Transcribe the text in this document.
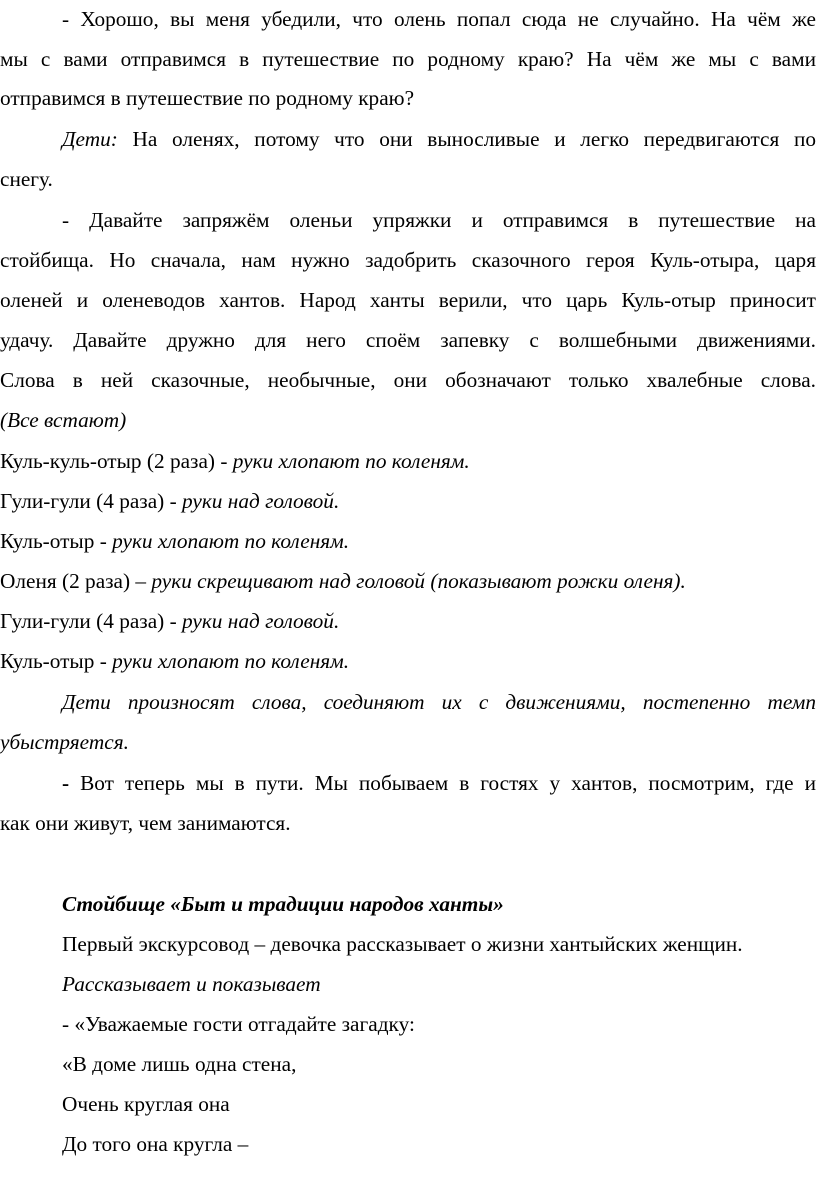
- Хорошо, вы меня убедили, что олень попал сюда не случайно. На чём же
мы с вами отправимся в путешествие по родному краю? На чём же мы с вами
отправимся в путешествие по родному краю?
Дети: На оленях, потому что они выносливые и легко передвигаются по
снегу.
- Давайте запряжём оленьи упряжки и отправимся в путешествие на
стойбища. Но сначала, нам нужно задобрить сказочного героя Куль-отыра, царя
оленей и оленеводов хантов. Народ ханты верили, что царь Куль-отыр приносит
удачу. Давайте дружно для него споём запевку с волшебными движениями.
Слова в ней сказочные, необычные, они обозначают только хвалебные слова.
(Все встают)
Куль-куль-отыр (2 раза) - руки хлопают по коленям.
Гули-гули (4 раза) - руки над головой.
Куль-отыр - руки хлопают по коленям.
Оленя (2 раза) – руки скрещивают над головой (показывают рожки оленя).
Гули-гули (4 раза) - руки над головой.
Куль-отыр - руки хлопают по коленям.
Дети произносят слова, соединяют их с движениями, постепенно темп
убыстряется.
- Вот теперь мы в пути. Мы побываем в гостях у хантов, посмотрим, где и
как они живут, чем занимаются.
Стойбище «Быт и традиции народов ханты»
Первый экскурсовод – девочка рассказывает о жизни хантыйских женщин.
Рассказывает и показывает
- «Уважаемые гости отгадайте загадку:
«В доме лишь одна стена,
Очень круглая она
До того она кругла –
